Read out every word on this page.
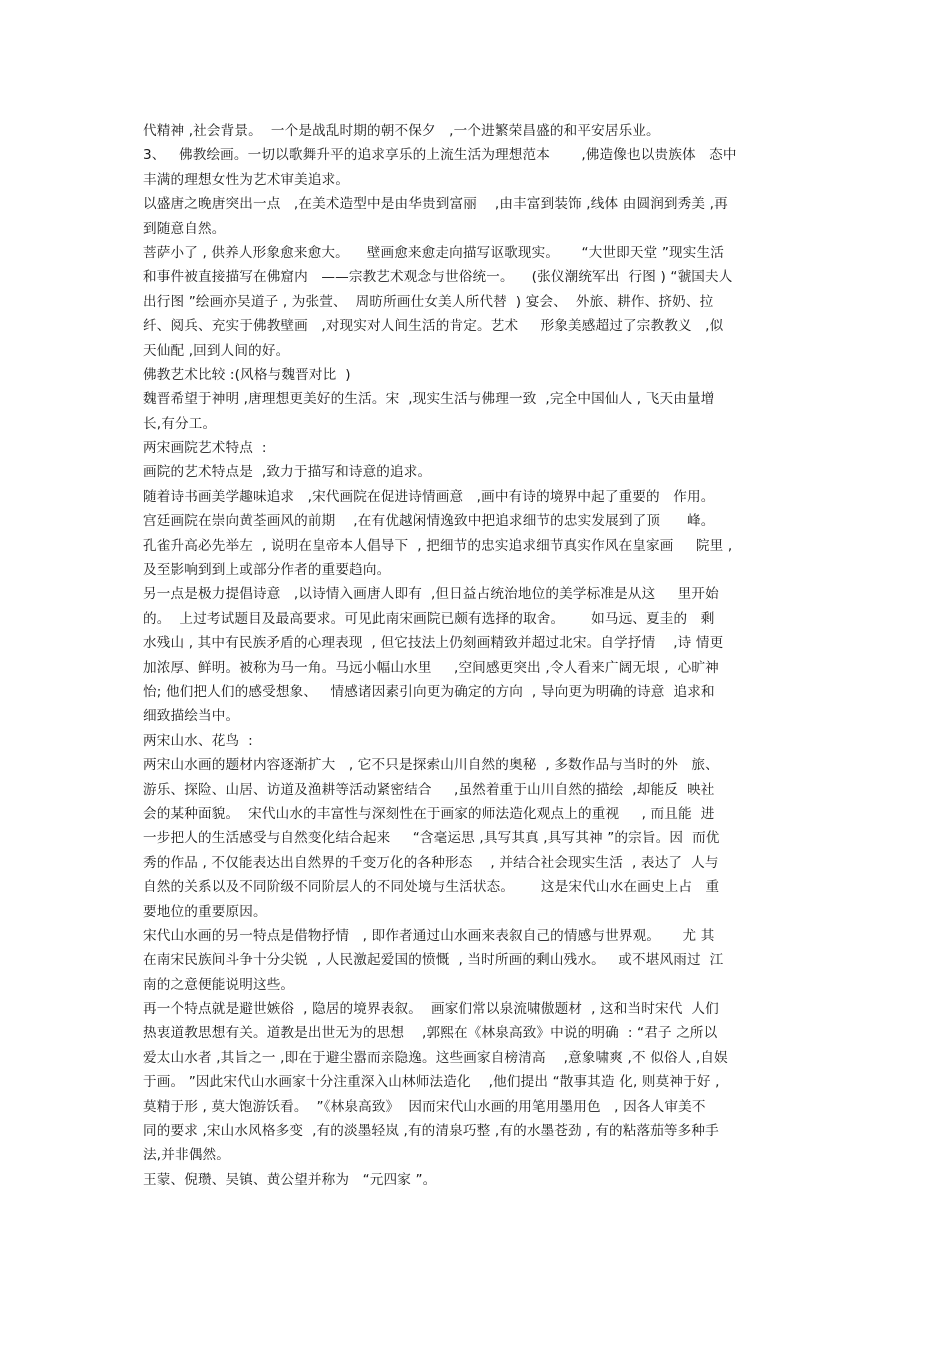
代精神 ,社会背景。  一个是战乱时期的朝不保夕   ,一个进繁荣昌盛的和平安居乐业。
3、   佛教绘画。一切以歌舞升平的追求享乐的上流生活为理想范本       ,佛造像也以贵族体   态中
丰满的理想女性为艺术审美追求。
以盛唐之晚唐突出一点   ,在美术造型中是由华贵到富丽    ,由丰富到装饰 ,线体 由圆润到秀美 ,再
到随意自然。
菩萨小了 , 供养人形象愈来愈大。    壁画愈来愈走向描写讴歌现实。     “大世即天堂 ”现实生活
和事件被直接描写在佛窟内   ——宗教艺术观念与世俗统一。    (张仪潮统军出  行图 ) “虢国夫人
出行图 ”绘画亦吴道子 , 为张萱、  周昉所画仕女美人所代替  ) 宴会、  外旅、耕作、挤奶、拉
纤、阅兵、充实于佛教壁画   ,对现实对人间生活的肯定。艺术     形象美感超过了宗教教义   ,似
天仙配 ,回到人间的好。
佛教艺术比较 :(风格与魏晋对比  )
魏晋希望于神明 ,唐理想更美好的生活。宋  ,现实生活与佛理一致  ,完全中国仙人 , 飞天由量增
长,有分工。
两宋画院艺术特点  :
画院的艺术特点是  ,致力于描写和诗意的追求。
随着诗书画美学趣味追求   ,宋代画院在促进诗情画意   ,画中有诗的境界中起了重要的   作用。
宫廷画院在崇向黄荃画风的前期    ,在有优越闲情逸致中把追求细节的忠实发展到了顶      峰。
孔雀升高必先举左  , 说明在皇帝本人倡导下  , 把细节的忠实追求细节真实作风在皇家画     院里 ,
及至影响到到上或部分作者的重要趋向。
另一点是极力提倡诗意   ,以诗情入画唐人即有  ,但日益占统治地位的美学标准是从这     里开始
的。  上过考试题目及最高要求。可见此南宋画院已颇有选择的取舍。      如马远、夏圭的   剩
水残山 , 其中有民族矛盾的心理表现  , 但它技法上仍刻画精致并超过北宋。自学抒情    ,诗 情更
加浓厚、鲜明。被称为马一角。马远小幅山水里     ,空间感更突出 ,令人看来广阔无垠 ,  心旷神
怡; 他们把人们的感受想象、   情感诸因素引向更为确定的方向  , 导向更为明确的诗意  追求和
细致描绘当中。
两宋山水、花鸟  :
两宋山水画的题材内容逐渐扩大   , 它不只是探索山川自然的奥秘  , 多数作品与当时的外   旅、
游乐、探险、山居、访道及渔耕等活动紧密结合     ,虽然着重于山川自然的描绘  ,却能反  映社
会的某种面貌。  宋代山水的丰富性与深刻性在于画家的师法造化观点上的重视     , 而且能  进
一步把人的生活感受与自然变化结合起来     “含毫运思 ,具写其真 ,具写其神 ”的宗旨。因  而优
秀的作品 , 不仅能表达出自然界的千变万化的各种形态    , 并结合社会现实生活  , 表达了  人与
自然的关系以及不同阶级不同阶层人的不同处境与生活状态。      这是宋代山水在画史上占   重
要地位的重要原因。
宋代山水画的另一特点是借物抒情   , 即作者通过山水画来表叙自己的情感与世界观。     尤 其
在南宋民族间斗争十分尖锐  , 人民激起爱国的愤慨  , 当时所画的剩山残水。   或不堪风雨过  江
南的之意便能说明这些。
再一个特点就是避世嫉俗  , 隐居的境界表叙。  画家们常以泉流啸傲题材  , 这和当时宋代  人们
热衷道教思想有关。道教是出世无为的思想    ,郭熙在《林泉高致》中说的明确  : “君子 之所以
爱太山水者 ,其旨之一 ,即在于避尘嚣而亲隐逸。这些画家自榜清高    ,意象啸爽 ,不 似俗人 ,自娱
于画。 ”因此宋代山水画家十分注重深入山林师法造化    ,他们提出 “散事其造 化, 则莫神于好 ,
莫精于形 , 莫大饱游饫看。  ”《林泉高致》  因而宋代山水画的用笔用墨用色   , 因各人审美不
同的要求 ,宋山水风格多变  ,有的淡墨轻岚 ,有的清泉巧整 ,有的水墨苍劲 , 有的粘落茄等多种手
法,并非偶然。
王蒙、倪瓒、吴镇、黄公望并称为   “元四家 ”。
